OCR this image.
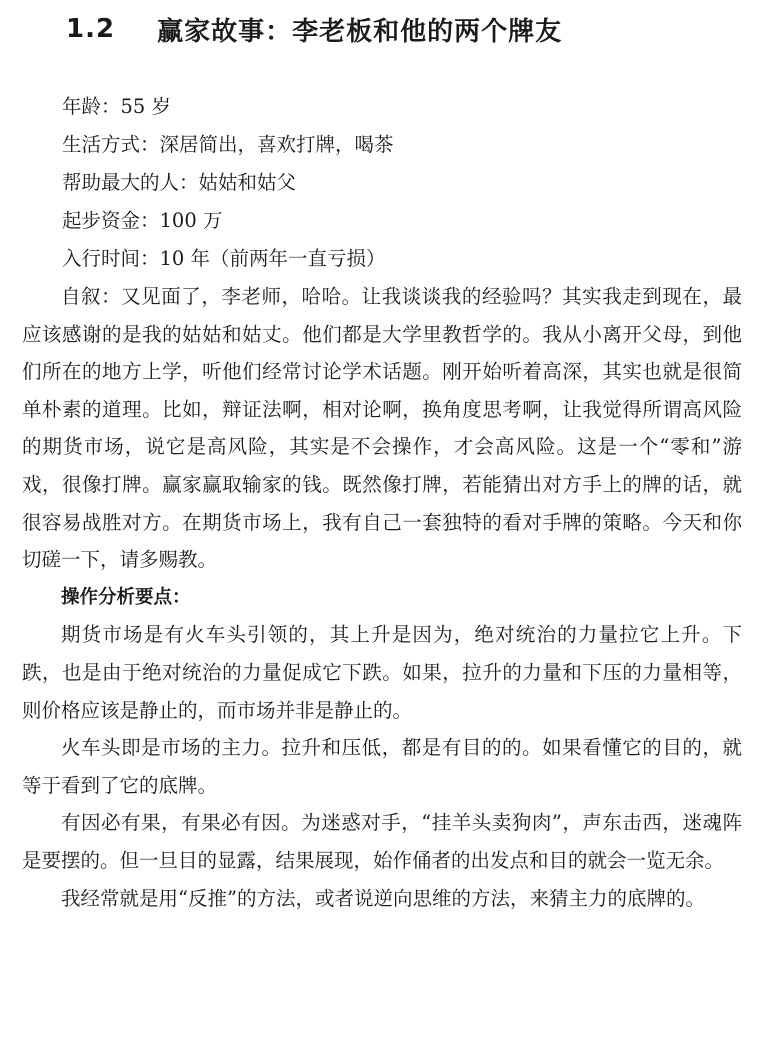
1.2 赢家故事：李老板和他的两个牌友
年龄：55 岁
生活方式：深居简出，喜欢打牌，喝茶
帮助最大的人：姑姑和姑父
起步资金：100 万
入行时间：10 年（前两年一直亏损）

自叙：又见面了，李老师，哈哈。让我谈谈我的经验吗？其实我走到现在，最应该感谢的是我的姑姑和姑丈。他们都是大学里教哲学的。我从小离开父母，到他们所在的地方上学，听他们经常讨论学术话题。刚开始听着高深，其实也就是很简单朴素的道理。比如，辩证法啊，相对论啊，换角度思考啊，让我觉得所谓高风险的期货市场，说它是高风险，其实是不会操作，才会高风险。这是一个“零和”游戏，很像打牌。赢家赢取输家的钱。既然像打牌，若能猜出对方手上的牌的话，就很容易战胜对方。在期货市场上，我有自己一套独特的看对手牌的策略。今天和你切磋一下，请多赐教。

操作分析要点：

期货市场是有火车头引领的，其上升是因为，绝对统治的力量拉它上升。下跌，也是由于绝对统治的力量促成它下跌。如果，拉升的力量和下压的力量相等，则价格应该是静止的，而市场并非是静止的。

火车头即是市场的主力。拉升和压低，都是有目的的。如果看懂它的目的，就等于看到了它的底牌。

有因必有果，有果必有因。为迷惑对手，“挂羊头卖狗肉”，声东击西，迷魂阵是要摆的。但一旦目的显露，结果展现，始作俑者的出发点和目的就会一览无余。

我经常就是用“反推”的方法，或者说逆向思维的方法，来猜主力的底牌的。
